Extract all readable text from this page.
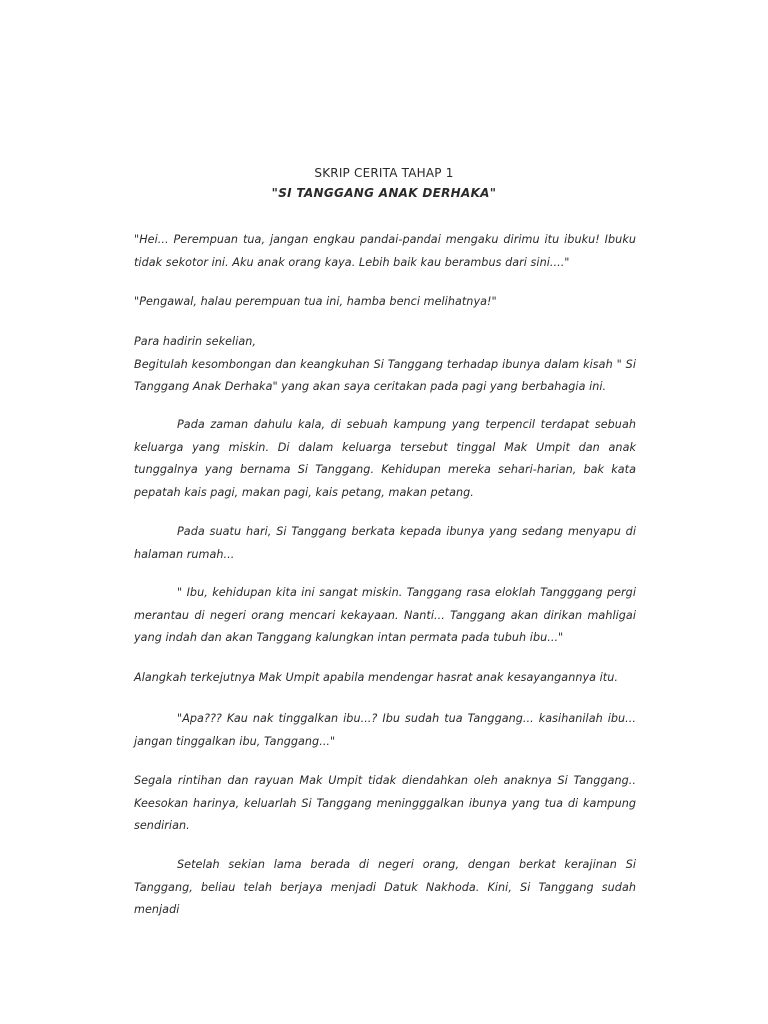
SKRIP CERITA TAHAP 1
"SI TANGGANG ANAK DERHAKA"

"Hei... Perempuan tua, jangan engkau pandai-pandai mengaku dirimu itu ibuku! Ibuku tidak sekotor ini. Aku anak orang kaya. Lebih baik kau berambus dari sini...."

"Pengawal, halau perempuan tua ini, hamba benci melihatnya!"

Para hadirin sekelian,

Begitulah kesombongan dan keangkuhan Si Tanggang terhadap ibunya dalam kisah " Si Tanggang Anak Derhaka" yang akan saya ceritakan pada pagi yang berbahagia ini.

Pada zaman dahulu kala, di sebuah kampung yang terpencil terdapat sebuah keluarga yang miskin. Di dalam keluarga tersebut tinggal Mak Umpit dan anak tunggalnya yang bernama Si Tanggang. Kehidupan mereka sehari-harian, bak kata pepatah kais pagi, makan pagi, kais petang, makan petang.

Pada suatu hari, Si Tanggang berkata kepada ibunya yang sedang menyapu di halaman rumah...

" Ibu, kehidupan kita ini sangat miskin. Tanggang rasa eloklah Tangggang pergi merantau di negeri orang mencari kekayaan. Nanti... Tanggang akan dirikan mahligai yang indah dan akan Tanggang kalungkan intan permata pada tubuh ibu..."

Alangkah terkejutnya Mak Umpit apabila mendengar hasrat anak kesayangannya itu.

"Apa??? Kau nak tinggalkan ibu...? Ibu sudah tua Tanggang... kasihanilah ibu... jangan tinggalkan ibu, Tanggang..."

Segala rintihan dan rayuan Mak Umpit tidak diendahkan oleh anaknya Si Tanggang.. Keesokan harinya, keluarlah Si Tanggang meningggalkan ibunya yang tua di kampung sendirian.

Setelah sekian lama berada di negeri orang, dengan berkat kerajinan Si Tanggang, beliau telah berjaya menjadi Datuk Nakhoda. Kini, Si Tanggang sudah menjadi
